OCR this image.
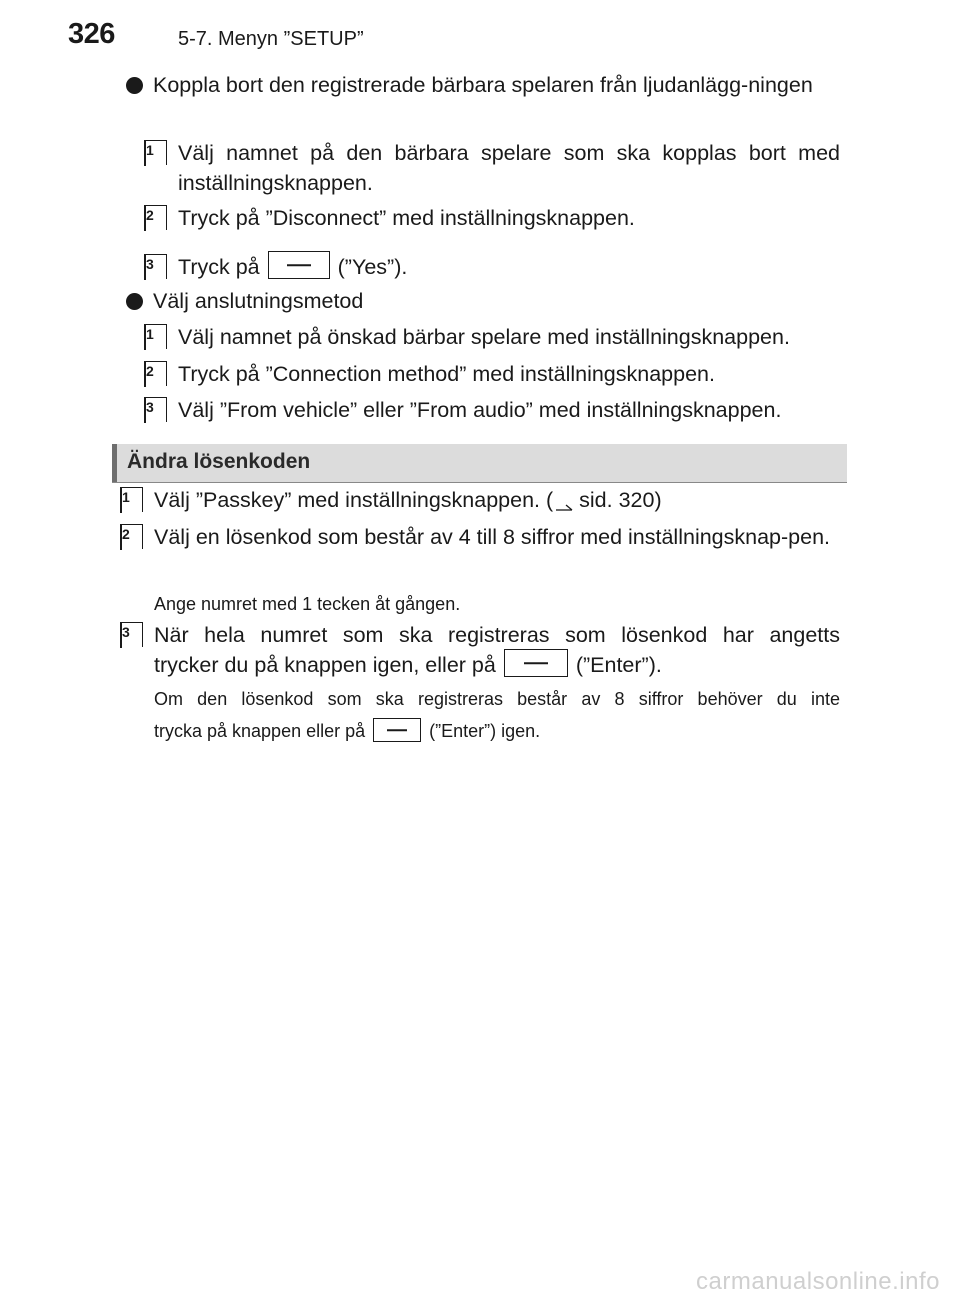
326	5-7. Menyn ”SETUP”
Koppla bort den registrerade bärbara spelaren från ljudanlägg-ningen
1	Välj namnet på den bärbara spelare som ska kopplas bort med inställningsknappen.
2	Tryck på ”Disconnect” med inställningsknappen.
3	Tryck på	(”Yes”).
Välj anslutningsmetod
1	Välj namnet på önskad bärbar spelare med inställningsknappen.
2	Tryck på ”Connection method” med inställningsknappen.
3	Välj ”From vehicle” eller ”From audio” med inställningsknappen.
Ändra lösenkoden
1	Välj ”Passkey” med inställningsknappen. ( sid. 320)
2	Välj en lösenkod som består av 4 till 8 siffror med inställningsknap-pen.
Ange numret med 1 tecken åt gången.
3	När hela numret som ska registreras som lösenkod har angetts
trycker du på knappen igen, eller på	(”Enter”).
Om den lösenkod som ska registreras består av 8 siffror behöver du inte
trycka på knappen eller på	(”Enter”) igen.
carmanualsonline.info
